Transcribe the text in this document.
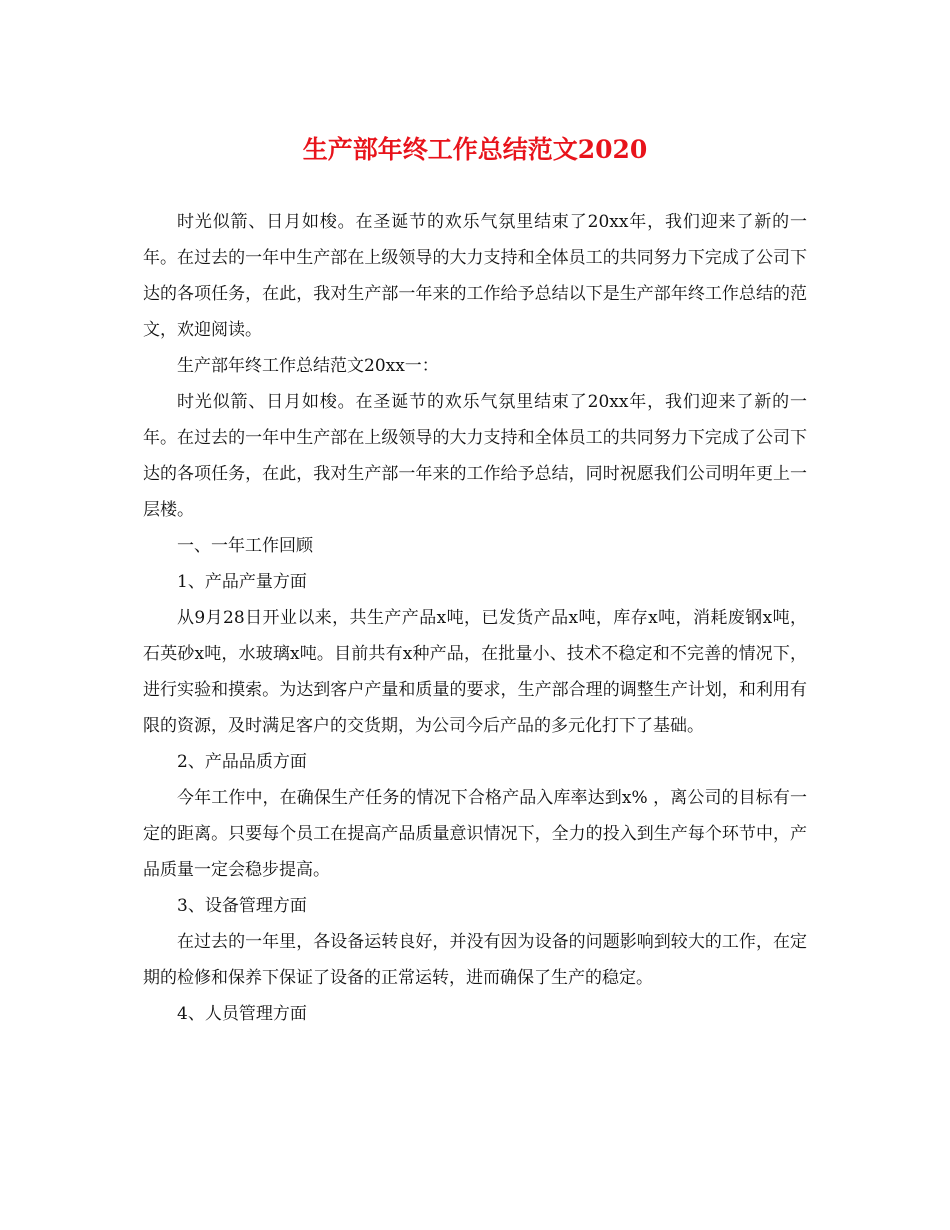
生产部年终工作总结范文2020

时光似箭、日月如梭。在圣诞节的欢乐气氛里结束了20xx年，我们迎来了新的一年。在过去的一年中生产部在上级领导的大力支持和全体员工的共同努力下完成了公司下达的各项任务，在此，我对生产部一年来的工作给予总结以下是生产部年终工作总结的范文，欢迎阅读。

生产部年终工作总结范文20xx一：

时光似箭、日月如梭。在圣诞节的欢乐气氛里结束了20xx年，我们迎来了新的一年。在过去的一年中生产部在上级领导的大力支持和全体员工的共同努力下完成了公司下达的各项任务，在此，我对生产部一年来的工作给予总结，同时祝愿我们公司明年更上一层楼。

一、一年工作回顾

1、产品产量方面

从9月28日开业以来，共生产产品x吨，已发货产品x吨，库存x吨，消耗废钢x吨，石英砂x吨，水玻璃x吨。目前共有x种产品，在批量小、技术不稳定和不完善的情况下，进行实验和摸索。为达到客户产量和质量的要求，生产部合理的调整生产计划，和利用有限的资源，及时满足客户的交货期，为公司今后产品的多元化打下了基础。

2、产品品质方面

今年工作中，在确保生产任务的情况下合格产品入库率达到x% ，离公司的目标有一定的距离。只要每个员工在提高产品质量意识情况下，全力的投入到生产每个环节中，产品质量一定会稳步提高。

3、设备管理方面

在过去的一年里，各设备运转良好，并没有因为设备的问题影响到较大的工作，在定期的检修和保养下保证了设备的正常运转，进而确保了生产的稳定。

4、人员管理方面
